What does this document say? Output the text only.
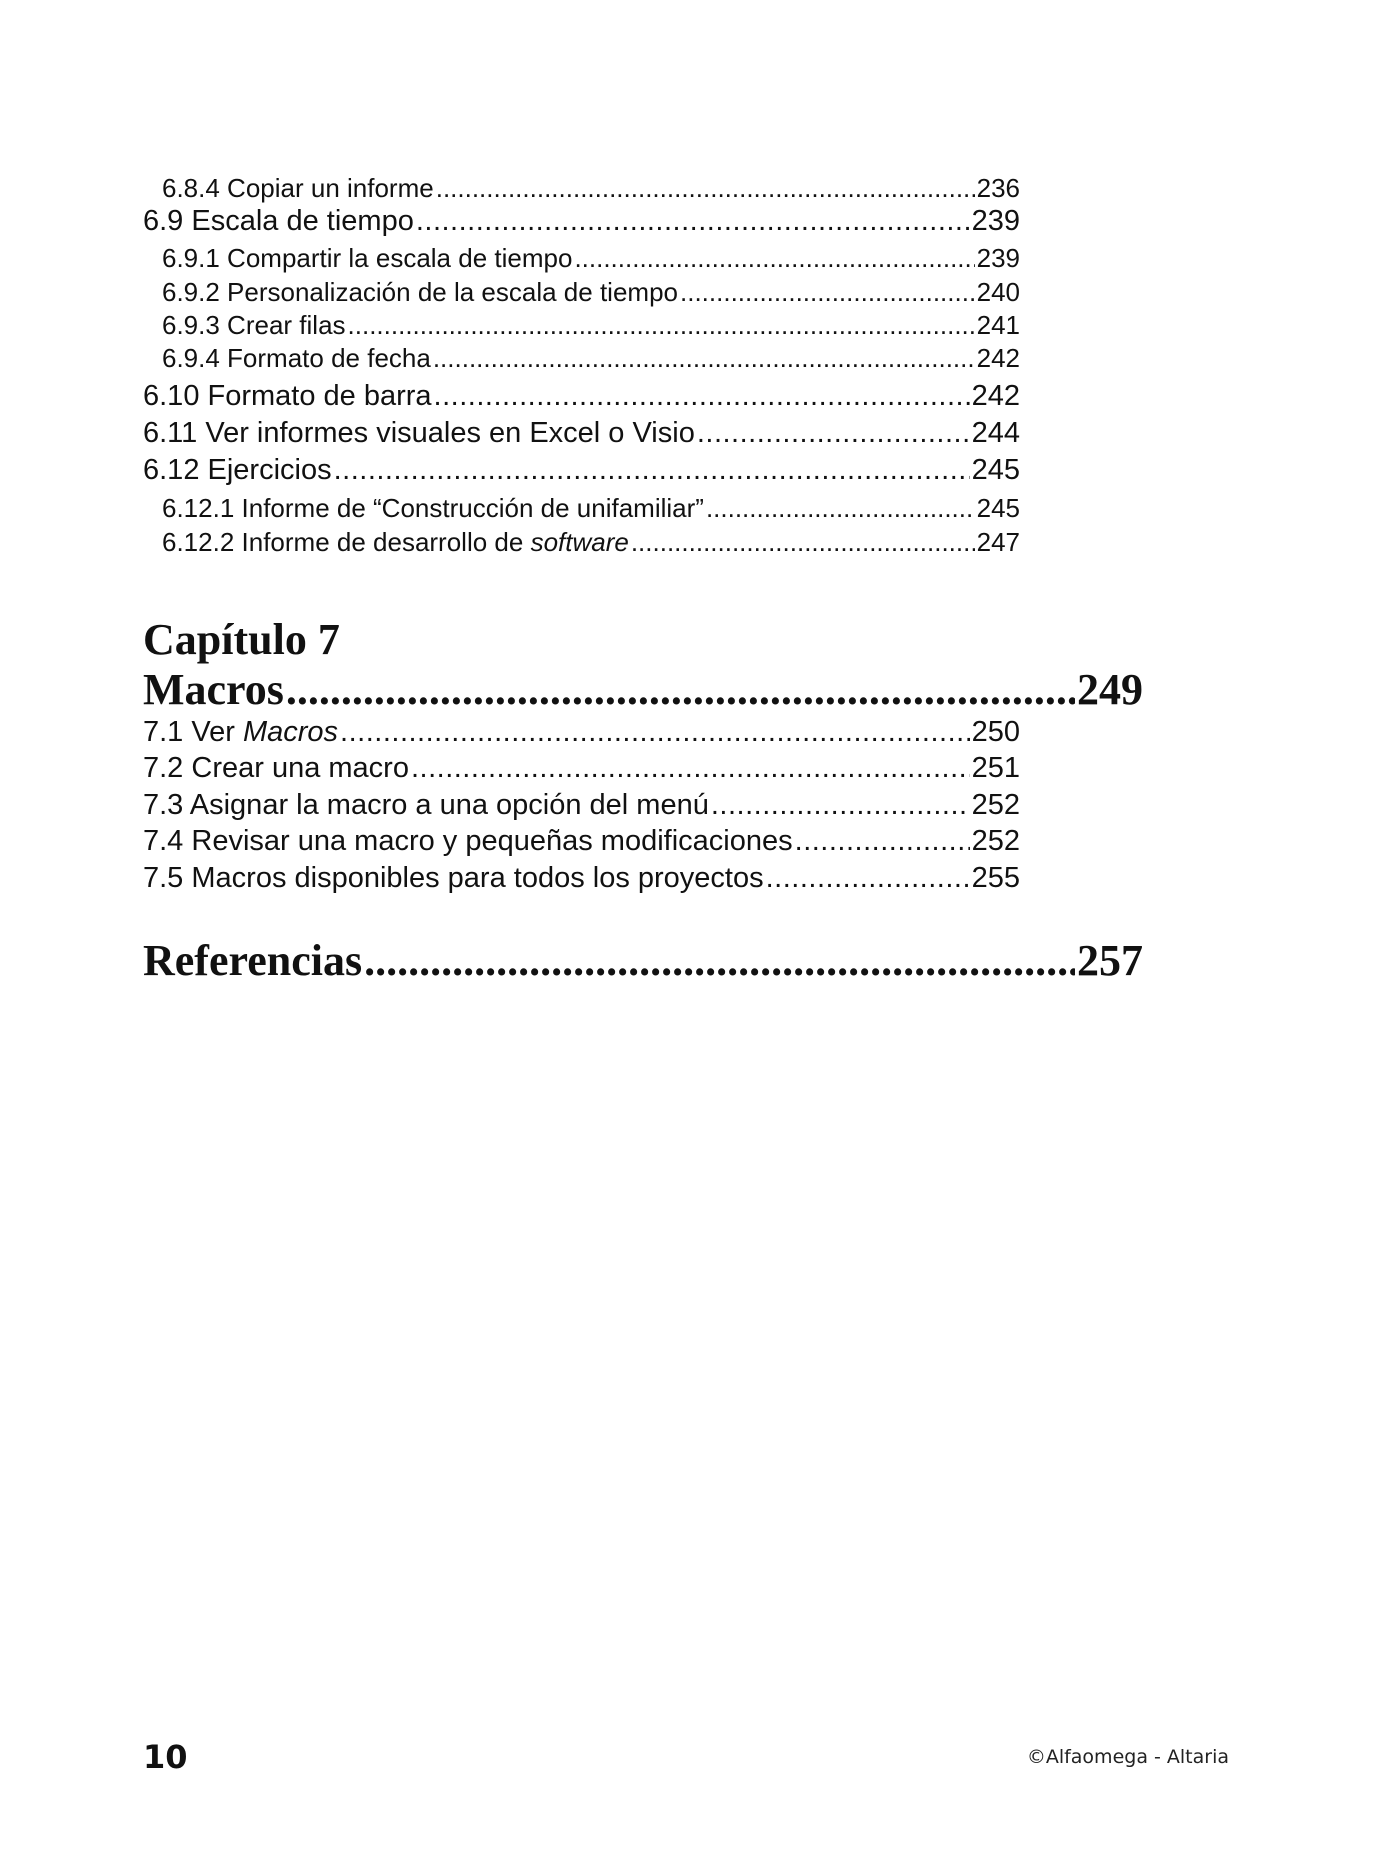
6.8.4 Copiar un informe .....	236
6.9 Escala de tiempo .....	239
6.9.1 Compartir la escala de tiempo .....	239
6.9.2 Personalización de la escala de tiempo .....	240
6.9.3 Crear filas .....	241
6.9.4 Formato de fecha .....	242
6.10 Formato de barra .....	242
6.11 Ver informes visuales en Excel o Visio .....	244
6.12 Ejercicios .....	245
6.12.1 Informe de “Construcción de unifamiliar” .....	245
6.12.2 Informe de desarrollo de software .....	247
Capítulo 7
Macros .....	249
7.1 Ver Macros .....	250
7.2 Crear una macro .....	251
7.3 Asignar la macro a una opción del menú .....	252
7.4 Revisar una macro y pequeñas modificaciones .....	252
7.5 Macros disponibles para todos los proyectos .....	255
Referencias .....	257
10	©Alfaomega - Altaria
